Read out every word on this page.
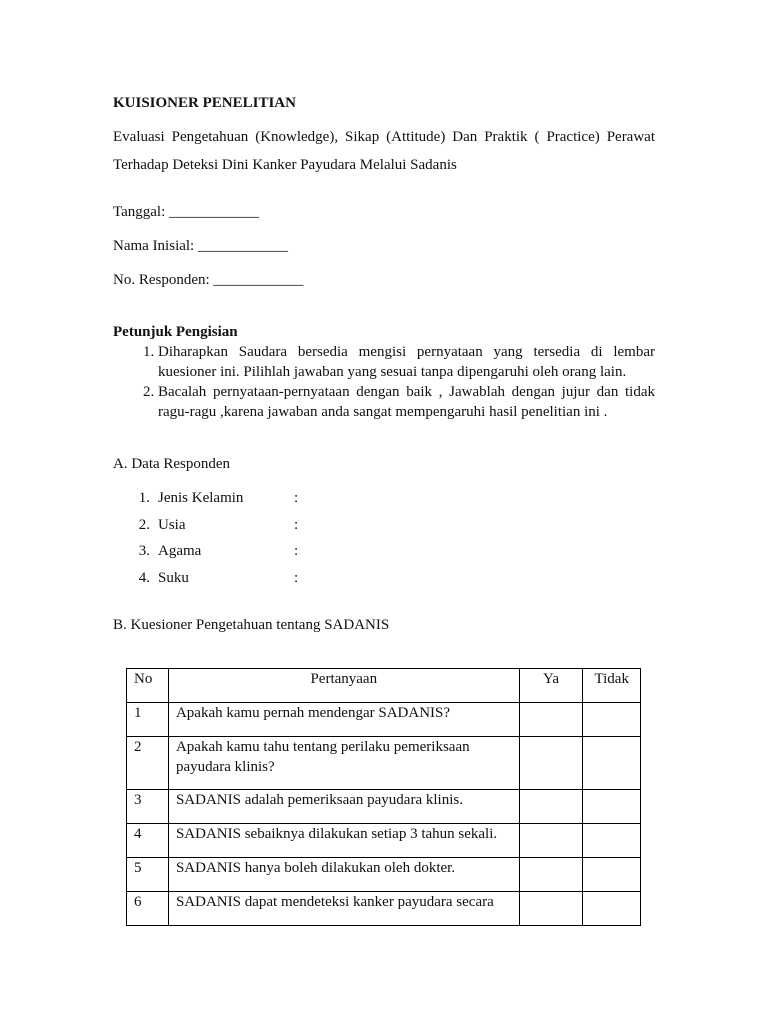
KUISIONER PENELITIAN

Evaluasi Pengetahuan (Knowledge), Sikap (Attitude) Dan Praktik ( Practice) Perawat Terhadap Deteksi Dini Kanker Payudara Melalui Sadanis
Tanggal: ____________
Nama Inisial: ____________
No. Responden: ____________
Petunjuk Pengisian
1. Diharapkan Saudara bersedia mengisi pernyataan yang tersedia di lembar kuesioner ini. Pilihlah jawaban yang sesuai tanpa dipengaruhi oleh orang lain.
2. Bacalah pernyataan-pernyataan dengan baik , Jawablah dengan jujur dan tidak ragu-ragu ,karena jawaban anda sangat mempengaruhi hasil penelitian ini .
A. Data Responden
1. Jenis Kelamin	:
2. Usia	:
3. Agama	:
4. Suku	:
B. Kuesioner Pengetahuan tentang SADANIS
No	Pertanyaan	Ya	Tidak
1	Apakah kamu pernah mendengar SADANIS?		
2	Apakah kamu tahu tentang perilaku pemeriksaan payudara klinis?		
3	SADANIS adalah pemeriksaan payudara klinis.		
4	SADANIS sebaiknya dilakukan setiap 3 tahun sekali.		
5	SADANIS hanya boleh dilakukan oleh dokter.		
6	SADANIS dapat mendeteksi kanker payudara secara		
